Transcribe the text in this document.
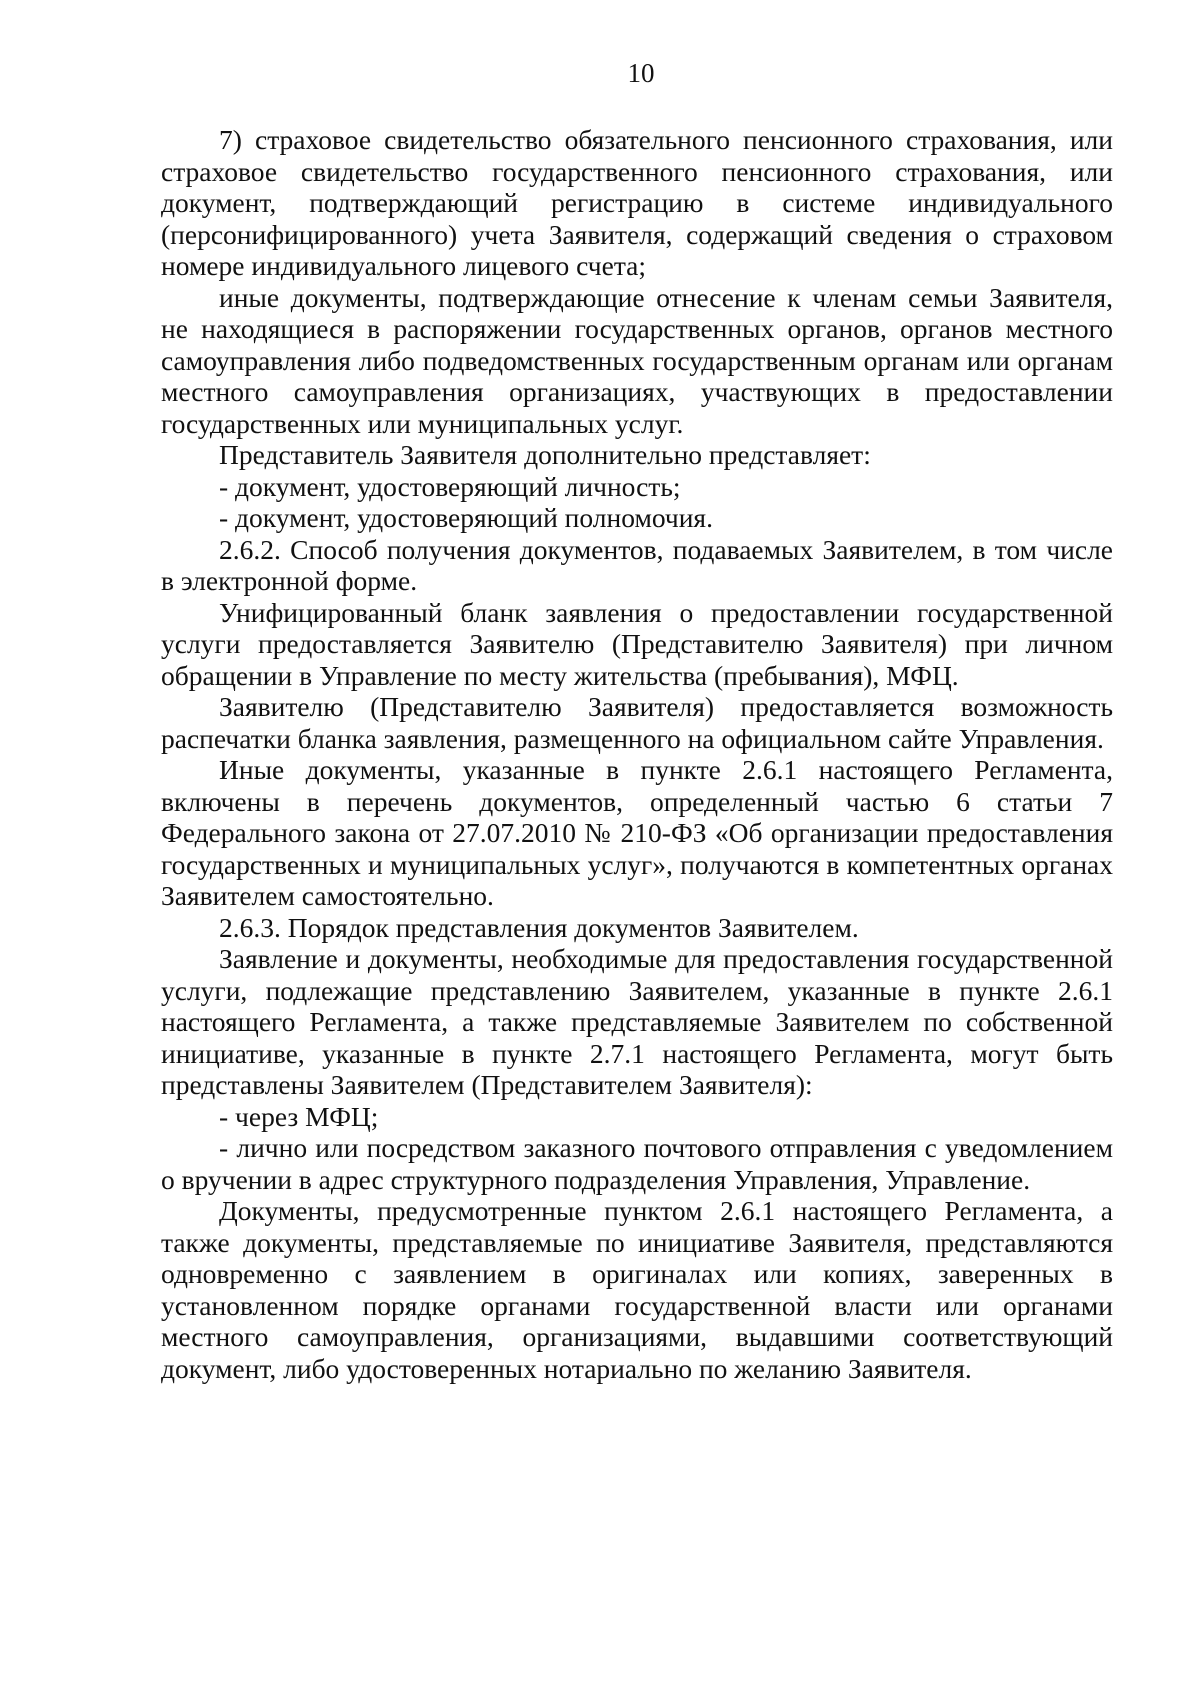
10

7) страховое свидетельство обязательного пенсионного страхования, или страховое свидетельство государственного пенсионного страхования, или документ, подтверждающий регистрацию в системе индивидуального (персонифицированного) учета Заявителя, содержащий сведения о страховом номере индивидуального лицевого счета;

иные документы, подтверждающие отнесение к членам семьи Заявителя, не находящиеся в распоряжении государственных органов, органов местного самоуправления либо подведомственных государственным органам или органам местного самоуправления организациях, участвующих в предоставлении государственных или муниципальных услуг.

Представитель Заявителя дополнительно представляет:

- документ, удостоверяющий личность;

- документ, удостоверяющий полномочия.

2.6.2. Способ получения документов, подаваемых Заявителем, в том числе в электронной форме.

Унифицированный бланк заявления о предоставлении государственной услуги предоставляется Заявителю (Представителю Заявителя) при личном обращении в Управление по месту жительства (пребывания), МФЦ.

Заявителю (Представителю Заявителя) предоставляется возможность распечатки бланка заявления, размещенного на официальном сайте Управления.

Иные документы, указанные в пункте 2.6.1 настоящего Регламента, включены в перечень документов, определенный частью 6 статьи 7 Федерального закона от 27.07.2010 № 210-ФЗ «Об организации предоставления государственных и муниципальных услуг», получаются в компетентных органах Заявителем самостоятельно.

2.6.3. Порядок представления документов Заявителем.

Заявление и документы, необходимые для предоставления государственной услуги, подлежащие представлению Заявителем, указанные в пункте 2.6.1 настоящего Регламента, а также представляемые Заявителем по собственной инициативе, указанные в пункте 2.7.1 настоящего Регламента, могут быть представлены Заявителем (Представителем Заявителя):

- через МФЦ;

- лично или посредством заказного почтового отправления с уведомлением о вручении в адрес структурного подразделения Управления, Управление.

Документы, предусмотренные пунктом 2.6.1 настоящего Регламента, а также документы, представляемые по инициативе Заявителя, представляются одновременно с заявлением в оригиналах или копиях, заверенных в установленном порядке органами государственной власти или органами местного самоуправления, организациями, выдавшими соответствующий документ, либо удостоверенных нотариально по желанию Заявителя.
